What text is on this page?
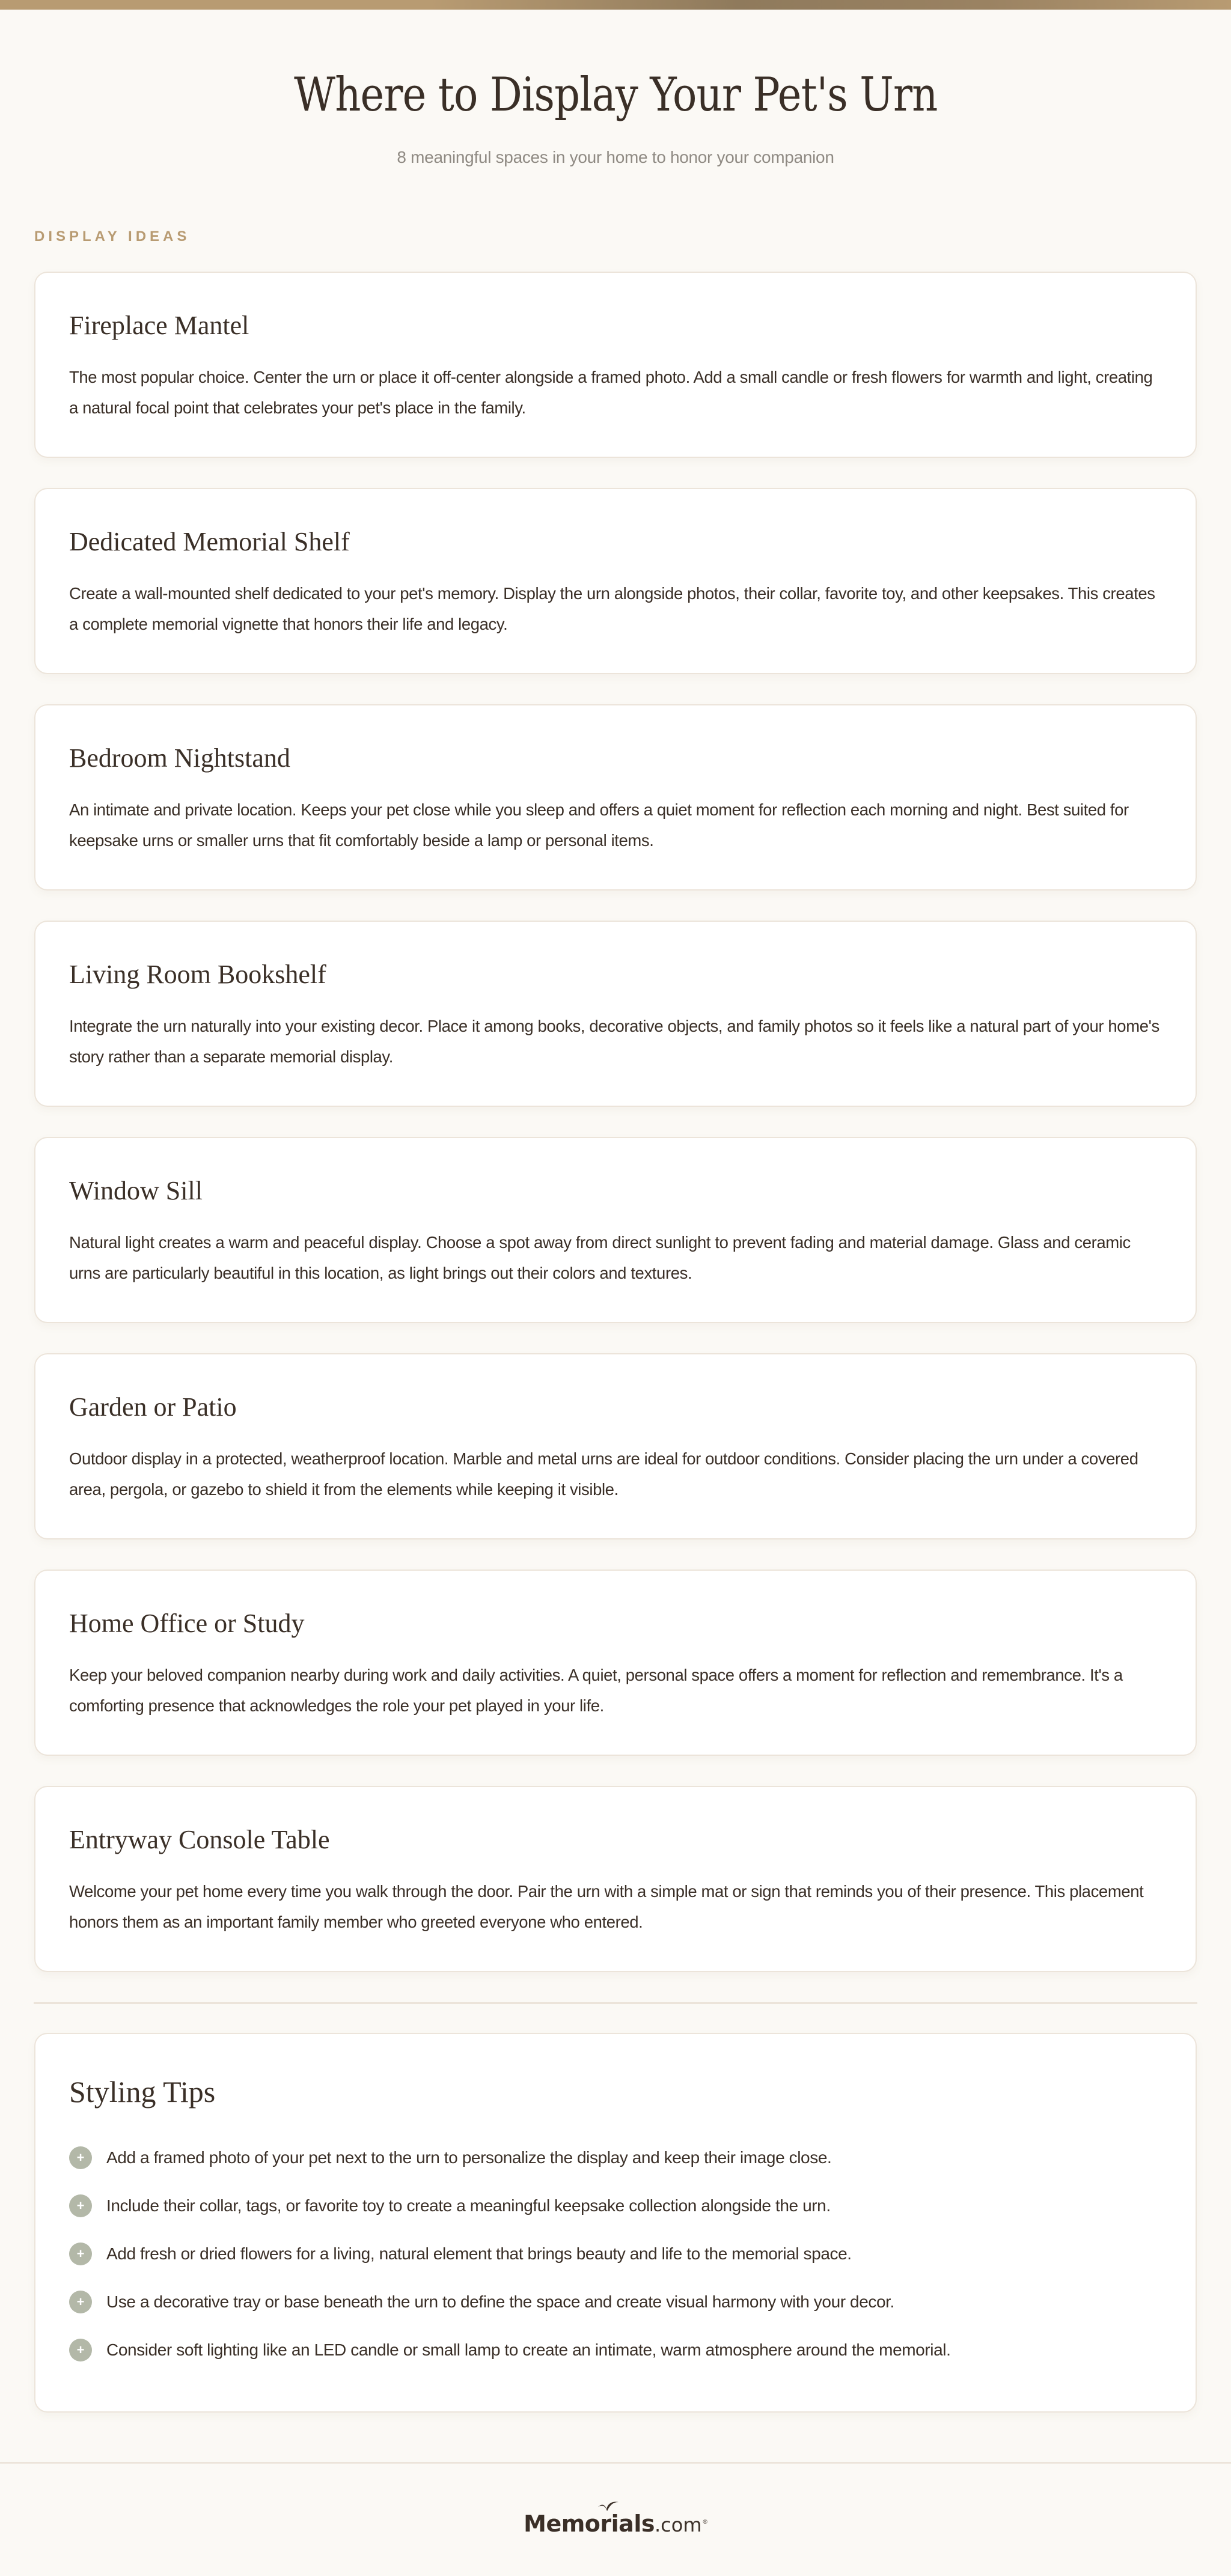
Where to Display Your Pet's Urn

8 meaningful spaces in your home to honor your companion

DISPLAY IDEAS
Fireplace Mantel

The most popular choice. Center the urn or place it off-center alongside a framed photo. Add a small candle or fresh flowers for warmth and light, creating a natural focal point that celebrates your pet's place in the family.

Dedicated Memorial Shelf

Create a wall-mounted shelf dedicated to your pet's memory. Display the urn alongside photos, their collar, favorite toy, and other keepsakes. This creates a complete memorial vignette that honors their life and legacy.

Bedroom Nightstand

An intimate and private location. Keeps your pet close while you sleep and offers a quiet moment for reflection each morning and night. Best suited for keepsake urns or smaller urns that fit comfortably beside a lamp or personal items.

Living Room Bookshelf

Integrate the urn naturally into your existing decor. Place it among books, decorative objects, and family photos so it feels like a natural part of your home's story rather than a separate memorial display.

Window Sill

Natural light creates a warm and peaceful display. Choose a spot away from direct sunlight to prevent fading and material damage. Glass and ceramic urns are particularly beautiful in this location, as light brings out their colors and textures.

Garden or Patio

Outdoor display in a protected, weatherproof location. Marble and metal urns are ideal for outdoor conditions. Consider placing the urn under a covered area, pergola, or gazebo to shield it from the elements while keeping it visible.

Home Office or Study

Keep your beloved companion nearby during work and daily activities. A quiet, personal space offers a moment for reflection and remembrance. It's a comforting presence that acknowledges the role your pet played in your life.

Entryway Console Table

Welcome your pet home every time you walk through the door. Pair the urn with a simple mat or sign that reminds you of their presence. This placement honors them as an important family member who greeted everyone who entered.

Styling Tips
+	Add a framed photo of your pet next to the urn to personalize the display and keep their image close.
+	Include their collar, tags, or favorite toy to create a meaningful keepsake collection alongside the urn.
+	Add fresh or dried flowers for a living, natural element that brings beauty and life to the memorial space.
+	Use a decorative tray or base beneath the urn to define the space and create visual harmony with your decor.
+	Consider soft lighting like an LED candle or small lamp to create an intimate, warm atmosphere around the memorial.
Memorials .com ®
